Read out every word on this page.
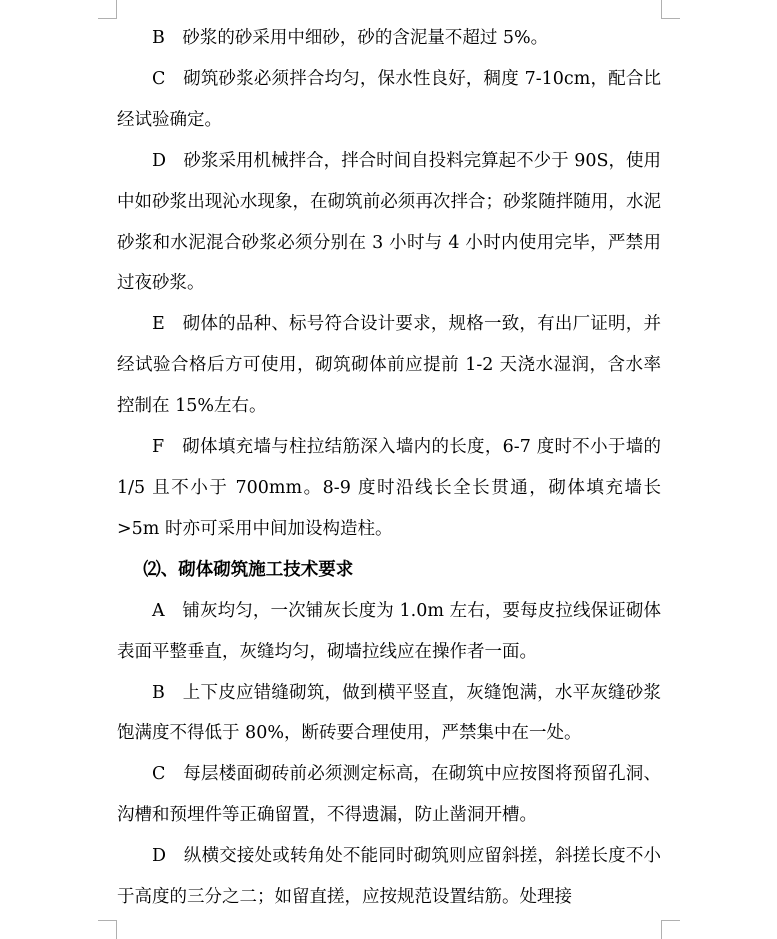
B　砂浆的砂采用中细砂，砂的含泥量不超过 5%。

C　砌筑砂浆必须拌合均匀，保水性良好，稠度 7-10cm，配合比经试验确定。

D　砂浆采用机械拌合，拌合时间自投料完算起不少于 90S，使用中如砂浆出现沁水现象，在砌筑前必须再次拌合；砂浆随拌随用，水泥砂浆和水泥混合砂浆必须分别在 3 小时与 4 小时内使用完毕，严禁用过夜砂浆。

E　砌体的品种、标号符合设计要求，规格一致，有出厂证明，并经试验合格后方可使用，砌筑砌体前应提前 1-2 天浇水湿润，含水率控制在 15%左右。

F　砌体填充墙与柱拉结筋深入墙内的长度，6-7 度时不小于墙的 1/5 且不小于 700mm。8-9 度时沿线长全长贯通，砌体填充墙长>5m 时亦可采用中间加设构造柱。

⑵、砌体砌筑施工技术要求

A　铺灰均匀，一次铺灰长度为 1.0m 左右，要每皮拉线保证砌体表面平整垂直，灰缝均匀，砌墙拉线应在操作者一面。

B　上下皮应错缝砌筑，做到横平竖直，灰缝饱满，水平灰缝砂浆饱满度不得低于 80%，断砖要合理使用，严禁集中在一处。

C　每层楼面砌砖前必须测定标高，在砌筑中应按图将预留孔洞、沟槽和预埋件等正确留置，不得遗漏，防止凿洞开槽。

D　纵横交接处或转角处不能同时砌筑则应留斜搓，斜搓长度不小于高度的三分之二；如留直搓，应按规范设置结筋。处理接
